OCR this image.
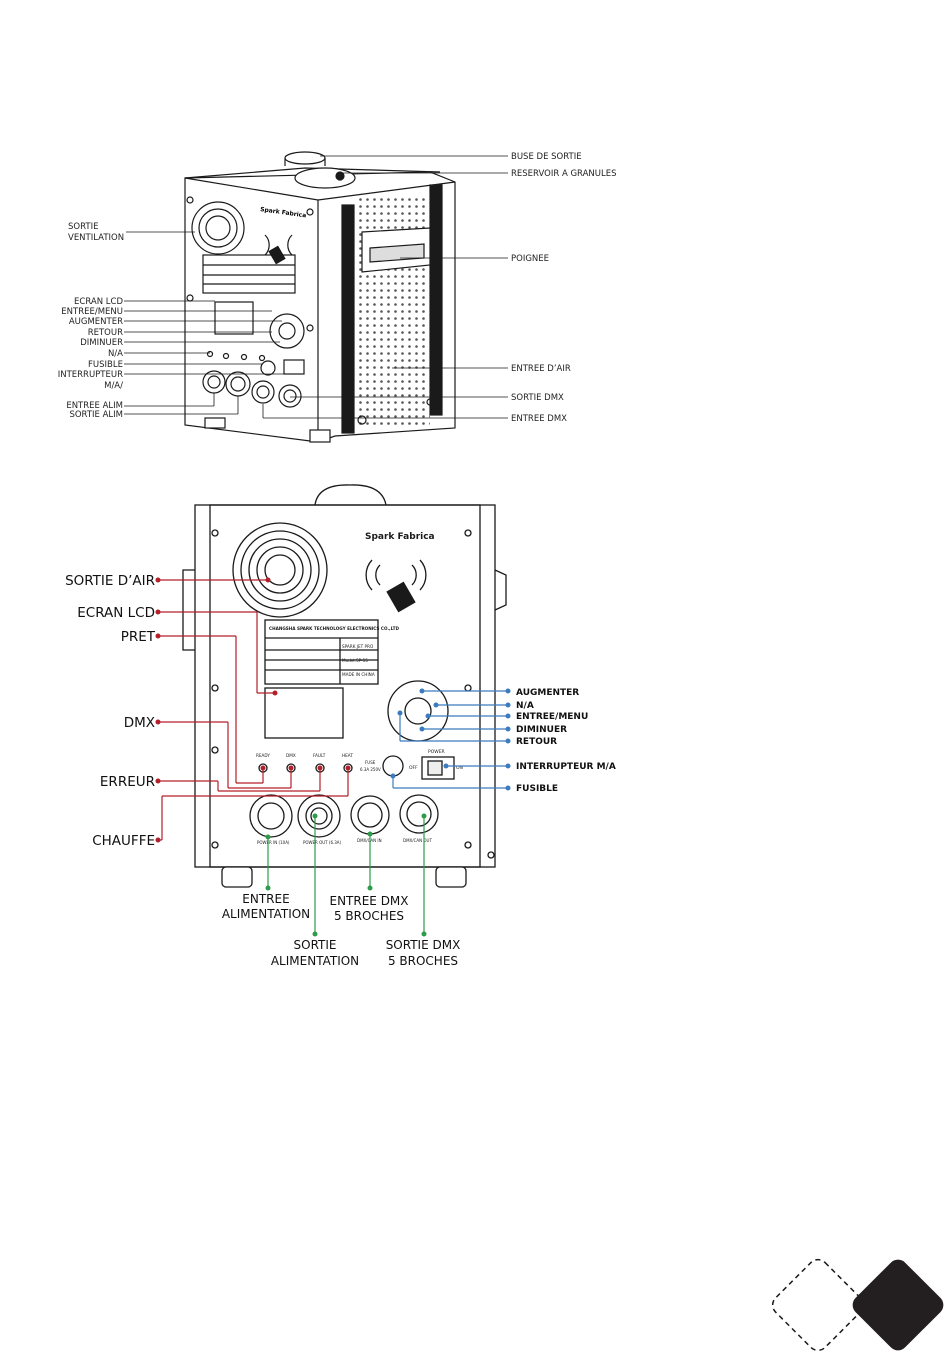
Spark Fabrica
SORTIE
VENTILATION
ECRAN LCD
ENTREE/MENU
AUGMENTER
RETOUR
DIMINUER
N/A
FUSIBLE
INTERRUPTEUR
M/A/
ENTREE ALIM
SORTIE ALIM
BUSE DE SORTIE
RESERVOIR A GRANULES
POIGNEE
ENTREE D’AIR
SORTIE DMX
ENTREE DMX
Spark Fabrica
CHANGSHA SPARK TECHNOLOGY ELECTRONICS CO.,LTD
SPARK JET PRO
Model:SP-15
MADE IN CHINA
READY	DMX	FAULT	HEAT
POWER
OFF	ON
FUSE
6.3A 250V
POWER IN (10A)	POWER OUT (6.3A)	DMX/CAN IN	DMX/CAN OUT
SORTIE D’AIR
ECRAN LCD
PRET
DMX
ERREUR
CHAUFFE
AUGMENTER
N/A
ENTREE/MENU
DIMINUER
RETOUR
INTERRUPTEUR M/A
FUSIBLE
ENTREE
ALIMENTATION
ENTREE DMX
5 BROCHES
SORTIE
ALIMENTATION
SORTIE DMX
5 BROCHES
